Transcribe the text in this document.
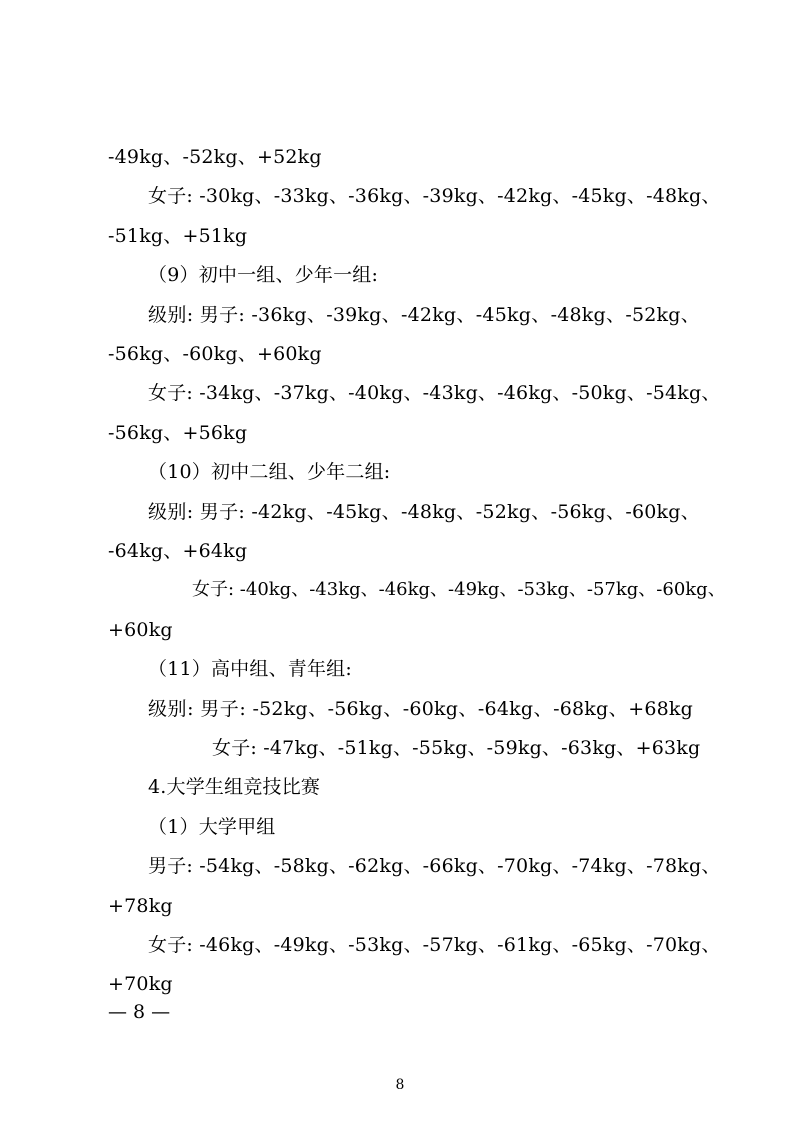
-49kg、-52kg、+52kg
女子: -30kg、-33kg、-36kg、-39kg、-42kg、-45kg、-48kg、
-51kg、+51kg
（9）初中一组、少年一组:
级别: 男子: -36kg、-39kg、-42kg、-45kg、-48kg、-52kg、
-56kg、-60kg、+60kg
女子: -34kg、-37kg、-40kg、-43kg、-46kg、-50kg、-54kg、
-56kg、+56kg
（10）初中二组、少年二组:
级别: 男子: -42kg、-45kg、-48kg、-52kg、-56kg、-60kg、
-64kg、+64kg
女子: -40kg、-43kg、-46kg、-49kg、-53kg、-57kg、-60kg、
+60kg
（11）高中组、青年组:
级别: 男子: -52kg、-56kg、-60kg、-64kg、-68kg、+68kg
女子: -47kg、-51kg、-55kg、-59kg、-63kg、+63kg
4.大学生组竞技比赛
（1）大学甲组
男子: -54kg、-58kg、-62kg、-66kg、-70kg、-74kg、-78kg、
+78kg
女子: -46kg、-49kg、-53kg、-57kg、-61kg、-65kg、-70kg、
+70kg
— 8 —
8
